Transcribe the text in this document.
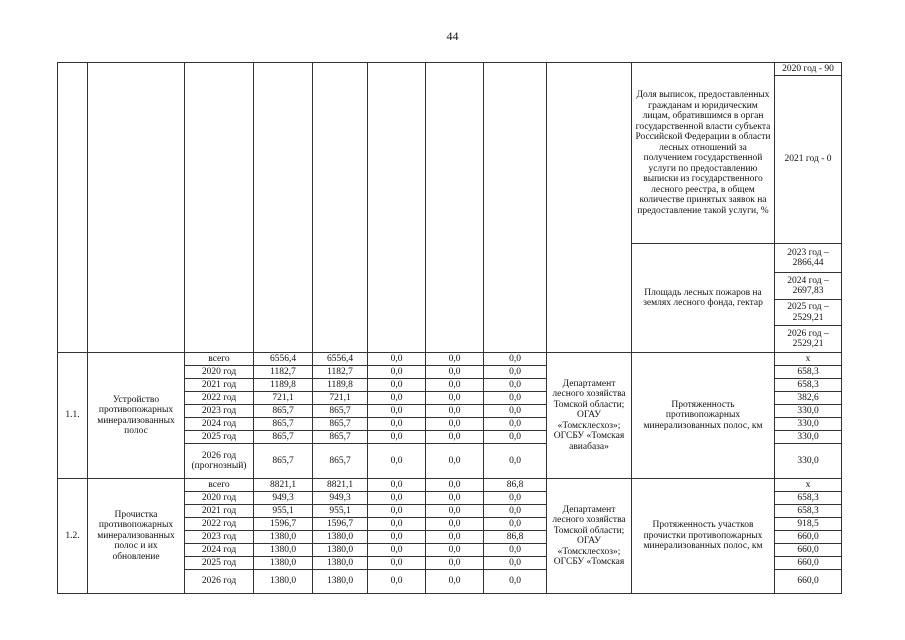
44
									Доля выписок, предоставленных гражданам и юридическим лицам, обратившимся в орган государственной власти субъекта Российской Федерации в области лесных отношений за получением государственной услуги по предоставлению выписки из государственного лесного реестра, в общем количестве принятых заявок на предоставление такой услуги, %	2020 год - 90
										2021 год - 0
									Площадь лесных пожаров на землях лесного фонда, гектар	2023 год – 2866,44
										2024 год – 2697,83
										2025 год – 2529,21
										2026 год – 2529,21

1.1.	Устройство противопожарных минерализованных полос	всего	6556,4	6556,4	0,0	0,0	0,0	Департамент лесного хозяйства Томской области; ОГАУ «Томсклесхоз»; ОГСБУ «Томская авиабаза»	Протяженность противопожарных минерализованных полос, км	х
		2020 год	1182,7	1182,7	0,0	0,0	0,0			658,3
		2021 год	1189,8	1189,8	0,0	0,0	0,0			658,3
		2022 год	721,1	721,1	0,0	0,0	0,0			382,6
		2023 год	865,7	865,7	0,0	0,0	0,0			330,0
		2024 год	865,7	865,7	0,0	0,0	0,0			330,0
		2025 год	865,7	865,7	0,0	0,0	0,0			330,0
		2026 год (прогнозный)	865,7	865,7	0,0	0,0	0,0			330,0
1.2.	Прочистка противопожарных минерализованных полос и их обновление	всего	8821,1	8821,1	0,0	0,0	86,8	Департамент лесного хозяйства Томской области; ОГАУ «Томсклесхоз»; ОГСБУ «Томская	Протяженность участков прочистки противопожарных минерализованных полос, км	х
		2020 год	949,3	949,3	0,0	0,0	0,0			658,3
		2021 год	955,1	955,1	0,0	0,0	0,0			658,3
		2022 год	1596,7	1596,7	0,0	0,0	0,0			918,5
		2023 год	1380,0	1380,0	0,0	0,0	86,8			660,0
		2024 год	1380,0	1380,0	0,0	0,0	0,0			660,0
		2025 год	1380,0	1380,0	0,0	0,0	0,0			660,0
		2026 год	1380,0	1380,0	0,0	0,0	0,0			660,0
